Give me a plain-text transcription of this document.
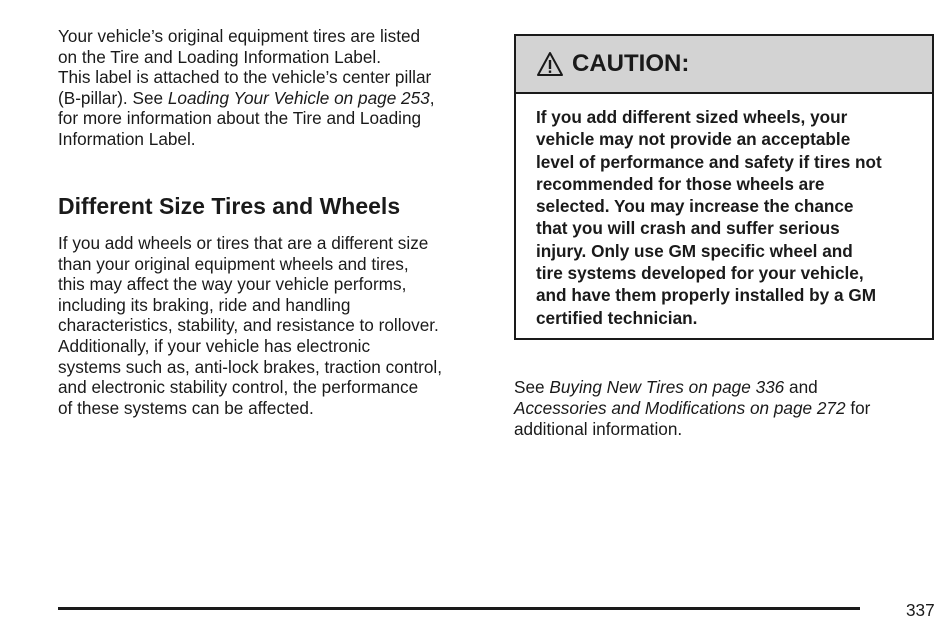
Your vehicle’s original equipment tires are listed
on the Tire and Loading Information Label.
This label is attached to the vehicle’s center pillar
(B-pillar). See Loading Your Vehicle on page 253,
for more information about the Tire and Loading
Information Label.

Different Size Tires and Wheels

If you add wheels or tires that are a different size
than your original equipment wheels and tires,
this may affect the way your vehicle performs,
including its braking, ride and handling
characteristics, stability, and resistance to rollover.
Additionally, if your vehicle has electronic
systems such as, anti-lock brakes, traction control,
and electronic stability control, the performance
of these systems can be affected.

CAUTION:
If you add different sized wheels, your
vehicle may not provide an acceptable
level of performance and safety if tires not
recommended for those wheels are
selected. You may increase the chance
that you will crash and suffer serious
injury. Only use GM specific wheel and
tire systems developed for your vehicle,
and have them properly installed by a GM
certified technician.

See Buying New Tires on page 336 and
Accessories and Modifications on page 272 for
additional information.

337
